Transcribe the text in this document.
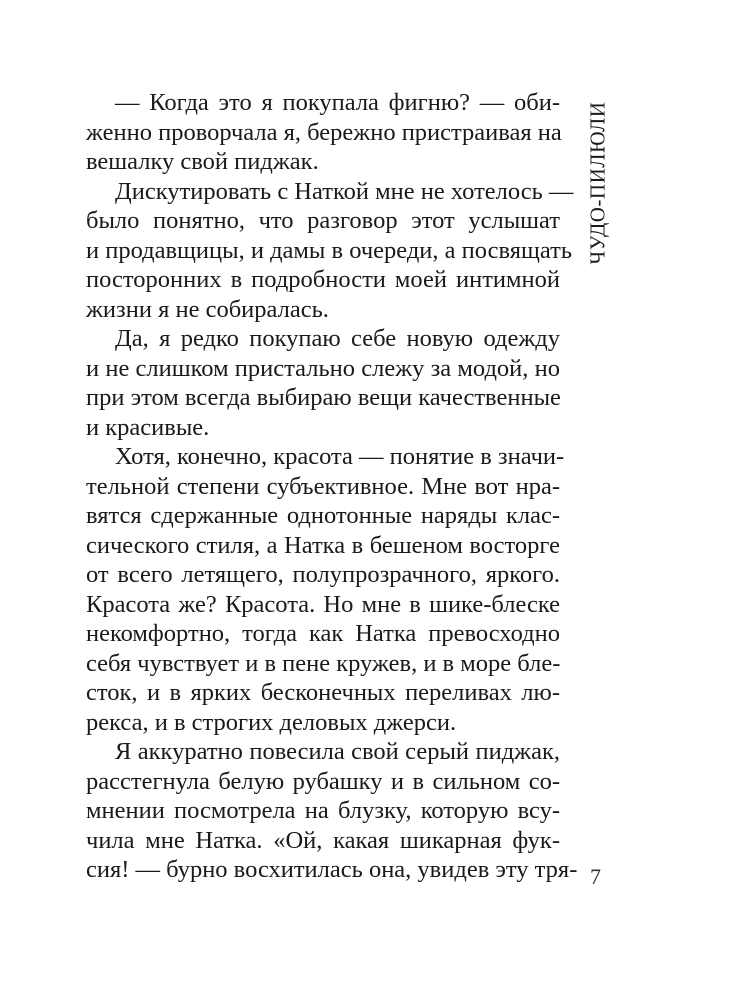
ЧУДО-ПИЛЮЛИ
— Когда это я покупала фигню? — оби-
женно проворчала я, бережно пристраивая на
вешалку свой пиджак.
Дискутировать с Наткой мне не хотелось —
было понятно, что разговор этот услышат
и продавщицы, и дамы в очереди, а посвящать
посторонних в подробности моей интимной
жизни я не собиралась.
Да, я редко покупаю себе новую одежду
и не слишком пристально слежу за модой, но
при этом всегда выбираю вещи качественные
и красивые.
Хотя, конечно, красота — понятие в значи-
тельной степени субъективное. Мне вот нра-
вятся сдержанные однотонные наряды клас-
сического стиля, а Натка в бешеном восторге
от всего летящего, полупрозрачного, яркого.
Красота же? Красота. Но мне в шике-блеске
некомфортно, тогда как Натка превосходно
себя чувствует и в пене кружев, и в море бле-
сток, и в ярких бесконечных переливах лю-
рекса, и в строгих деловых джерси.
Я аккуратно повесила свой серый пиджак,
расстегнула белую рубашку и в сильном со-
мнении посмотрела на блузку, которую всу-
чила мне Натка. «Ой, какая шикарная фук-
сия! — бурно восхитилась она, увидев эту тря- 7
